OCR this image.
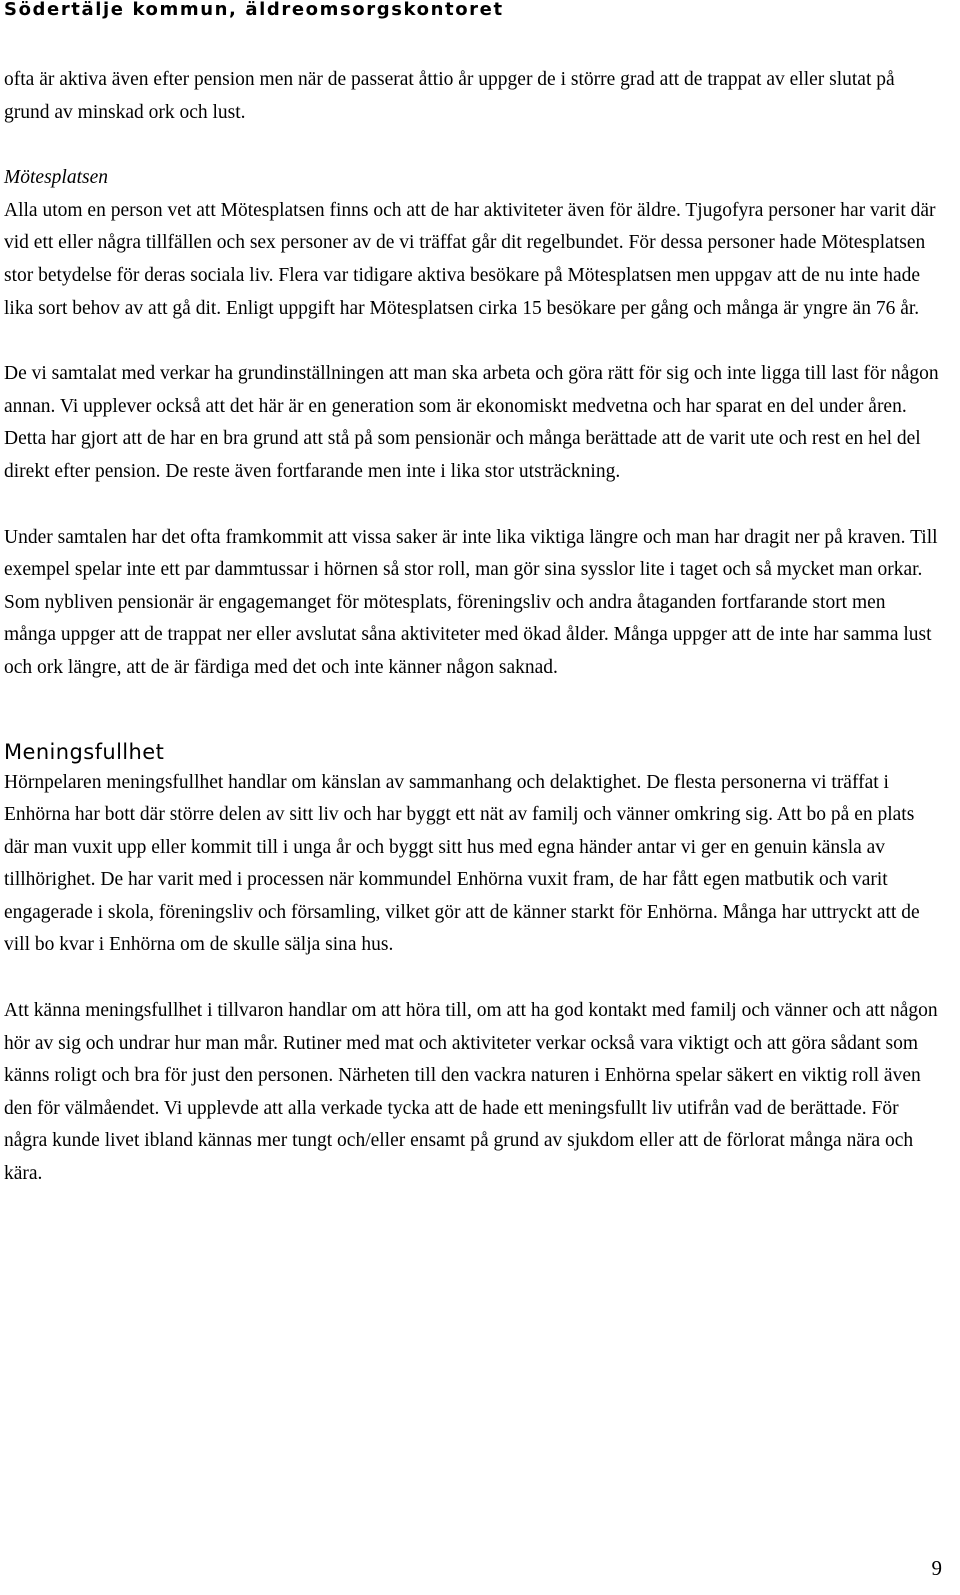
Södertälje kommun, äldreomsorgskontoret

ofta är aktiva även efter pension men när de passerat åttio år uppger de i större grad att de trappat av eller slutat på grund av minskad ork och lust.

Mötesplatsen

Alla utom en person vet att Mötesplatsen finns och att de har aktiviteter även för äldre. Tjugofyra personer har varit där vid ett eller några tillfällen och sex personer av de vi träffat går dit regelbundet. För dessa personer hade Mötesplatsen stor betydelse för deras sociala liv. Flera var tidigare aktiva besökare på Mötesplatsen men uppgav att de nu inte hade lika sort behov av att gå dit. Enligt uppgift har Mötesplatsen cirka 15 besökare per gång och många är yngre än 76 år.

De vi samtalat med verkar ha grundinställningen att man ska arbeta och göra rätt för sig och inte ligga till last för någon annan. Vi upplever också att det här är en generation som är ekonomiskt medvetna och har sparat en del under åren. Detta har gjort att de har en bra grund att stå på som pensionär och många berättade att de varit ute och rest en hel del direkt efter pension. De reste även fortfarande men inte i lika stor utsträckning.

Under samtalen har det ofta framkommit att vissa saker är inte lika viktiga längre och man har dragit ner på kraven. Till exempel spelar inte ett par dammtussar i hörnen så stor roll, man gör sina sysslor lite i taget och så mycket man orkar. Som nybliven pensionär är engagemanget för mötesplats, föreningsliv och andra åtaganden fortfarande stort men många uppger att de trappat ner eller avslutat såna aktiviteter med ökad ålder. Många uppger att de inte har samma lust och ork längre, att de är färdiga med det och inte känner någon saknad.

Meningsfullhet

Hörnpelaren meningsfullhet handlar om känslan av sammanhang och delaktighet. De flesta personerna vi träffat i Enhörna har bott där större delen av sitt liv och har byggt ett nät av familj och vänner omkring sig. Att bo på en plats där man vuxit upp eller kommit till i unga år och byggt sitt hus med egna händer antar vi ger en genuin känsla av tillhörighet. De har varit med i processen när kommundel Enhörna vuxit fram, de har fått egen matbutik och varit engagerade i skola, föreningsliv och församling, vilket gör att de känner starkt för Enhörna. Många har uttryckt att de vill bo kvar i Enhörna om de skulle sälja sina hus.

Att känna meningsfullhet i tillvaron handlar om att höra till, om att ha god kontakt med familj och vänner och att någon hör av sig och undrar hur man mår. Rutiner med mat och aktiviteter verkar också vara viktigt och att göra sådant som känns roligt och bra för just den personen. Närheten till den vackra naturen i Enhörna spelar säkert en viktig roll även den för välmåendet. Vi upplevde att alla verkade tycka att de hade ett meningsfullt liv utifrån vad de berättade. För några kunde livet ibland kännas mer tungt och/eller ensamt på grund av sjukdom eller att de förlorat många nära och kära.

9
